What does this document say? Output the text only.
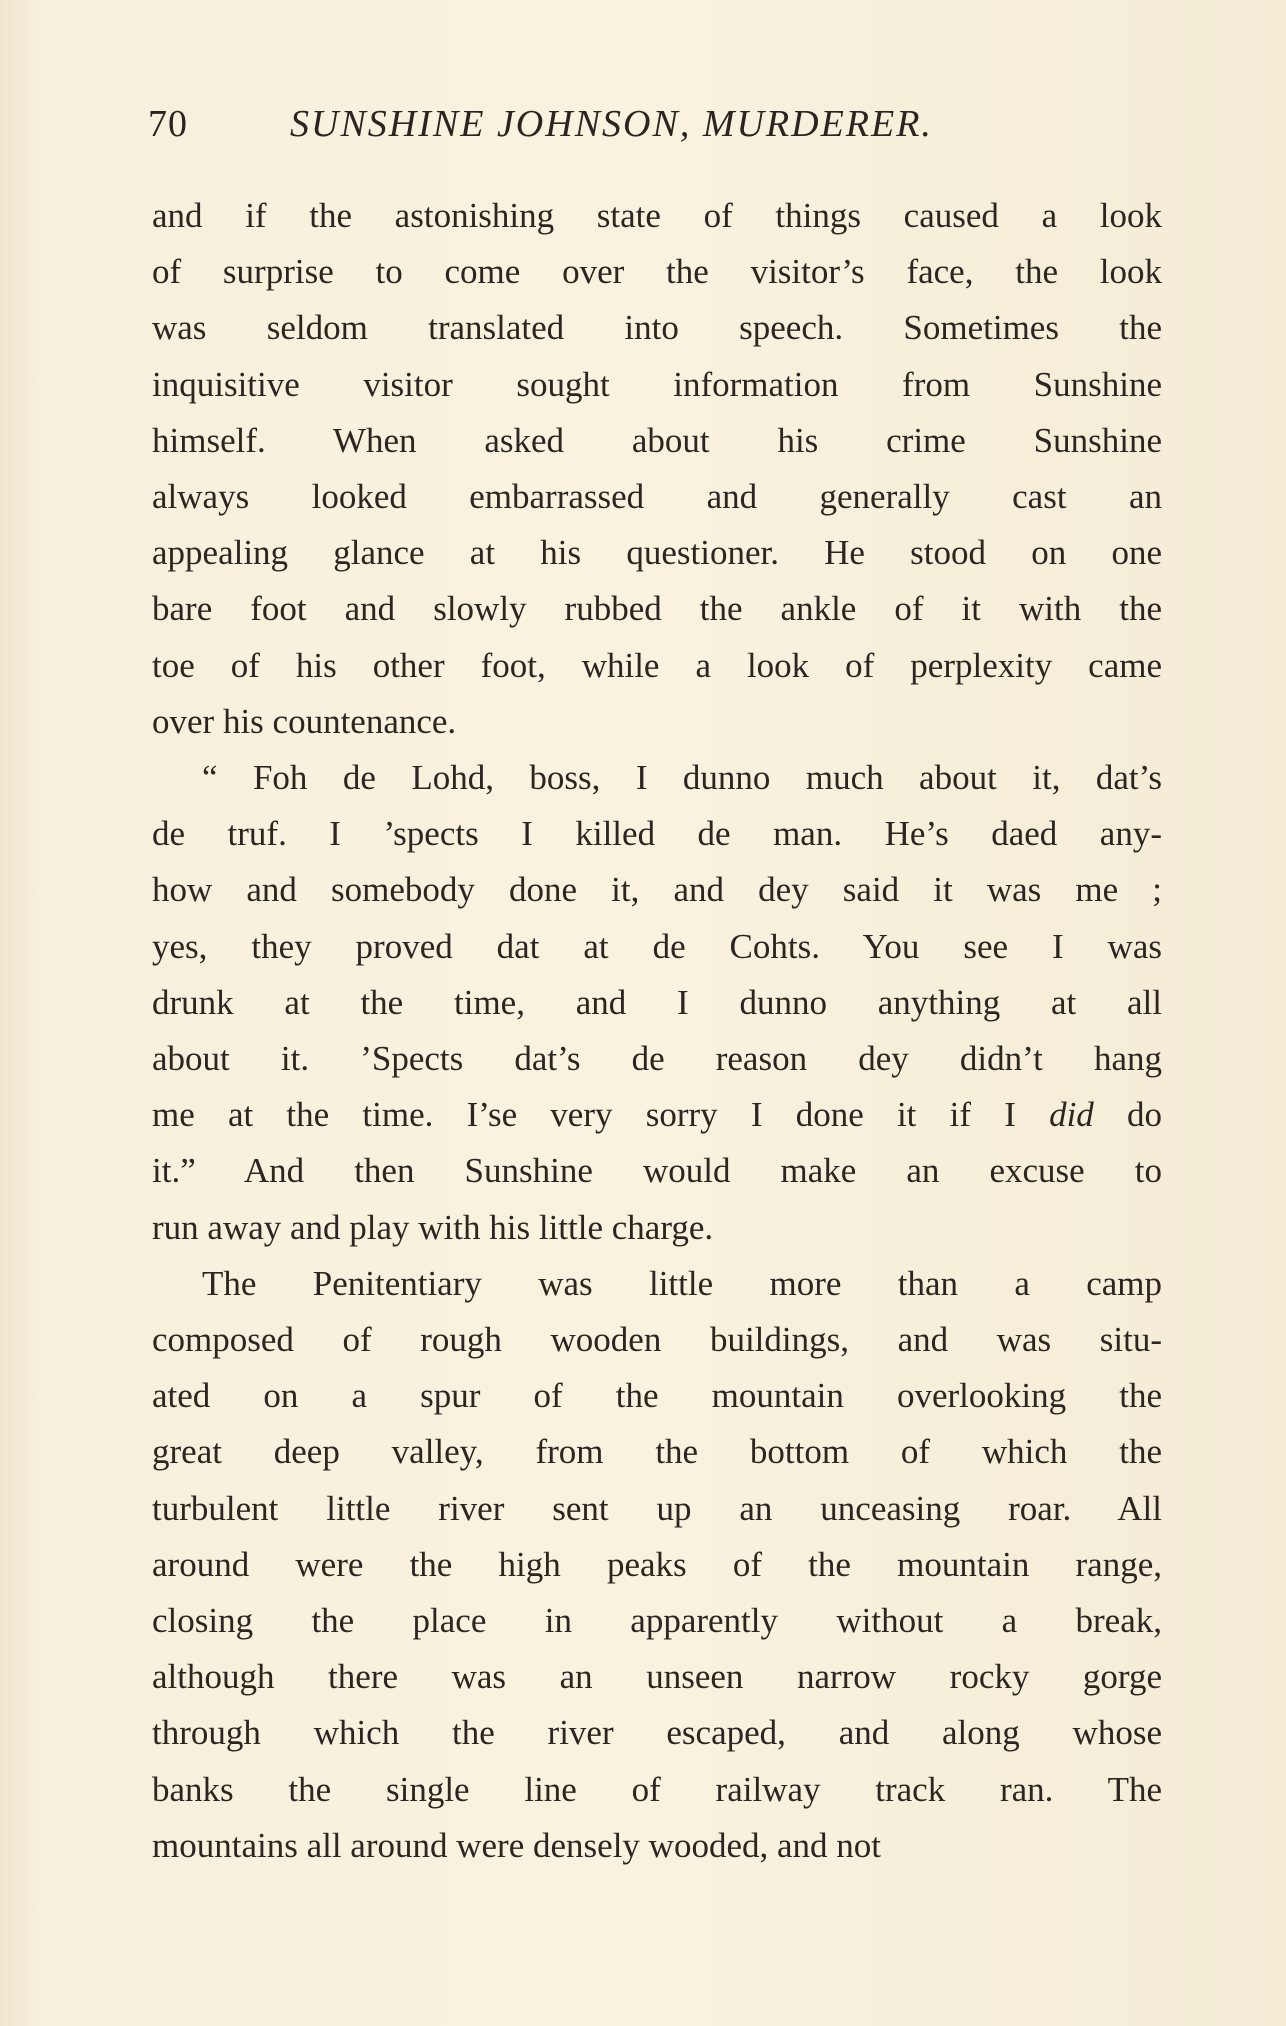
70	SUNSHINE JOHNSON, MURDERER.
and if the astonishing state of things caused a look
of surprise to come over the visitor’s face, the look
was seldom translated into speech. Sometimes the
inquisitive visitor sought information from Sunshine
himself. When asked about his crime Sunshine
always looked embarrassed and generally cast an
appealing glance at his questioner. He stood on one
bare foot and slowly rubbed the ankle of it with the
toe of his other foot, while a look of perplexity came
over his countenance.
“ Foh de Lohd, boss, I dunno much about it, dat’s
de truf. I ’spects I killed de man. He’s daed any-
how and somebody done it, and dey said it was me ;
yes, they proved dat at de Cohts. You see I was
drunk at the time, and I dunno anything at all
about it. ’Spects dat’s de reason dey didn’t hang
me at the time. I’se very sorry I done it if I did do
it.” And then Sunshine would make an excuse to
run away and play with his little charge.
The Penitentiary was little more than a camp
composed of rough wooden buildings, and was situ-
ated on a spur of the mountain overlooking the
great deep valley, from the bottom of which the
turbulent little river sent up an unceasing roar. All
around were the high peaks of the mountain range,
closing the place in apparently without a break,
although there was an unseen narrow rocky gorge
through which the river escaped, and along whose
banks the single line of railway track ran. The
mountains all around were densely wooded, and not
